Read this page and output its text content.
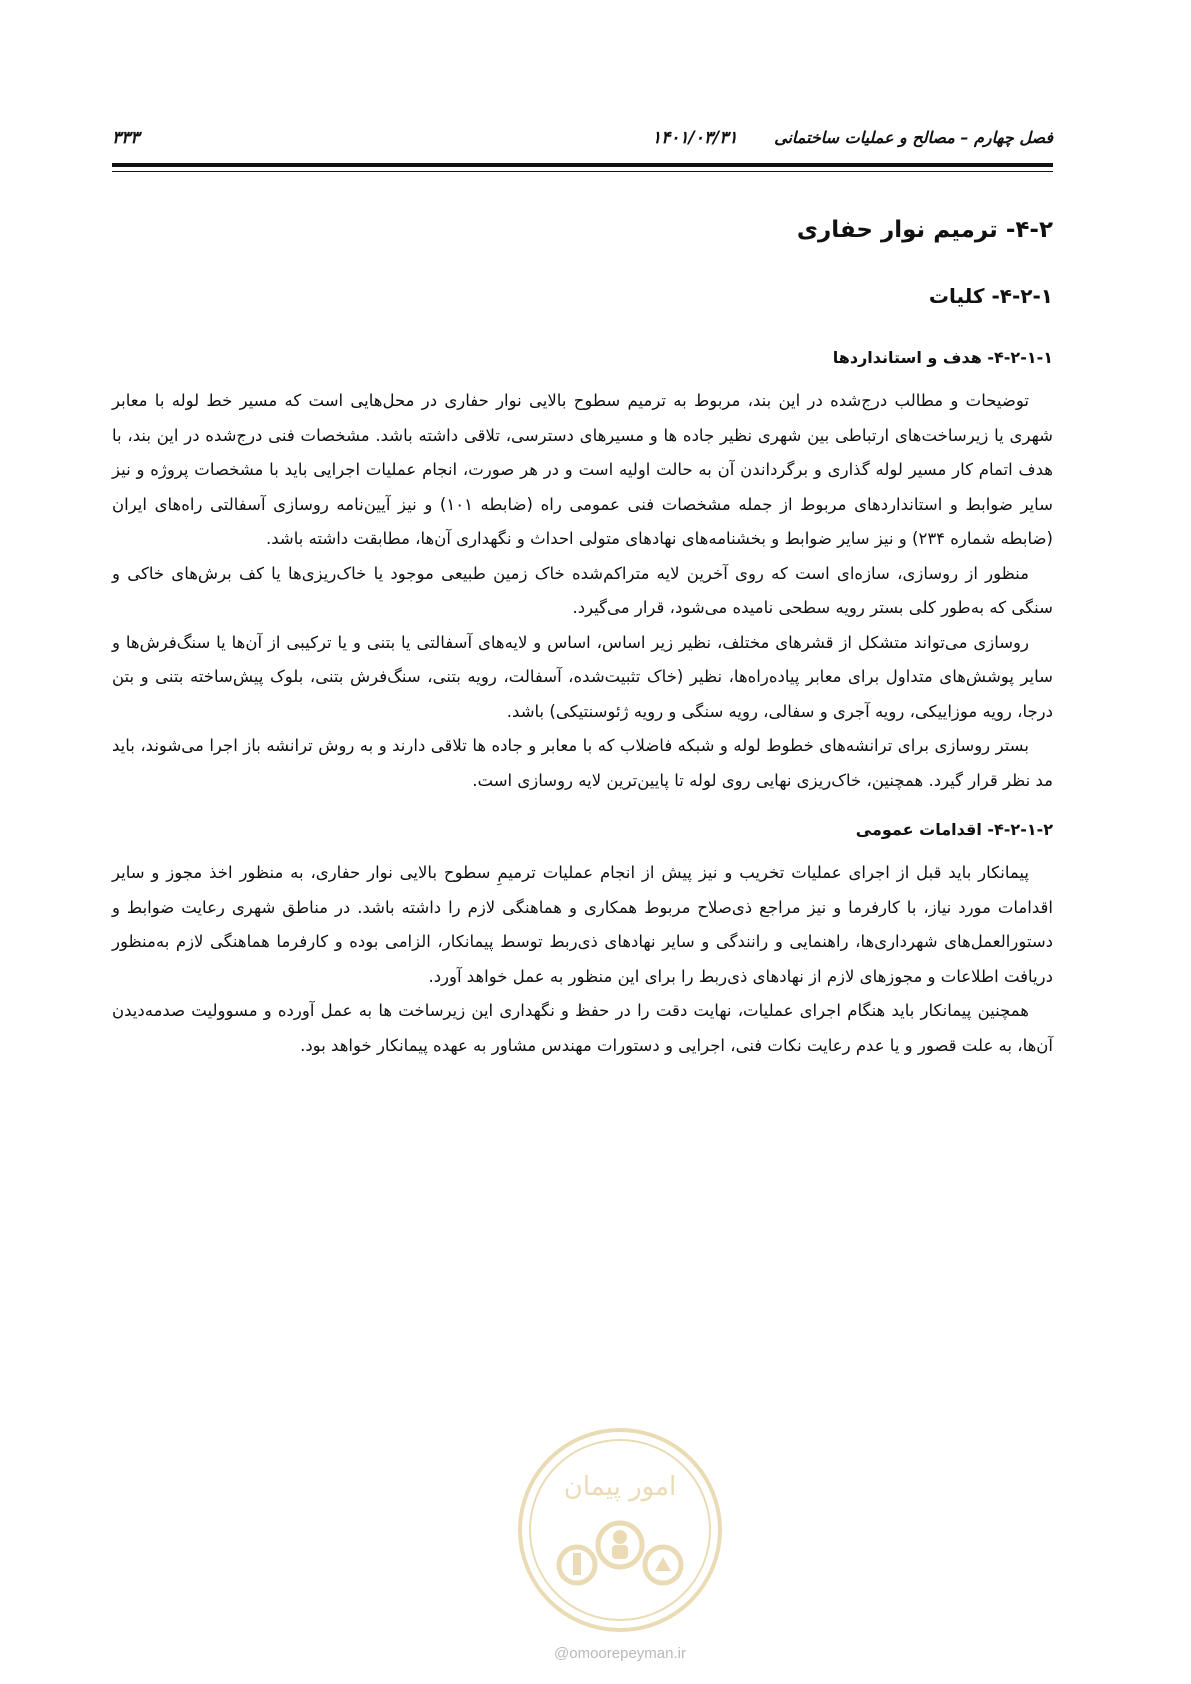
۳۳۳	۱۴۰۱/۰۳/۳۱ فصل چهارم – مصالح و عملیات ساختمانی
۴-۲- ترمیم نوار حفاری
۴-۲-۱- کلیات
۴-۲-۱-۱- هدف و استانداردها

توضیحات و مطالب درج‌شده در این بند، مربوط به ترمیم سطوح بالایی نوار حفاری در محل‌هایی است که مسیر خط لوله با معابر شهری یا زیرساخت‌های ارتباطی بین شهری نظیر جاده ها و مسیرهای دسترسی، تلاقی داشته باشد. مشخصات فنی درج‌شده در این بند، با هدف اتمام کار مسیر لوله گذاری و برگرداندن آن به حالت اولیه است و در هر صورت، انجام عملیات اجرایی باید با مشخصات پروژه و نیز سایر ضوابط و استانداردهای مربوط از جمله مشخصات فنی عمومی راه (ضابطه ۱۰۱) و نیز آیین‌نامه روسازی آسفالتی راه‌های ایران (ضابطه شماره ۲۳۴) و نیز سایر ضوابط و بخشنامه‌های نهادهای متولی احداث و نگهداری آن‌ها، مطابقت داشته باشد.

منظور از روسازی، سازه‌ای است که روی آخرین لایه متراکم‌شده خاک زمین طبیعی موجود یا خاک‌ریزی‌ها یا کف برش‌های خاکی و سنگی که به‌طور کلی بستر رویه سطحی نامیده می‌شود، قرار می‌گیرد.

روسازی می‌تواند متشکل از قشرهای مختلف، نظیر زیر اساس، اساس و لایه‌های آسفالتی یا بتنی و یا ترکیبی از آن‌ها یا سنگ‌فرش‌ها و سایر پوشش‌های متداول برای معابر پیاده‌راه‌ها، نظیر (خاک تثبیت‌شده، آسفالت، رویه بتنی، سنگ‌فرش بتنی، بلوک پیش‌ساخته بتنی و بتن درجا، رویه موزاییکی، رویه آجری و سفالی، رویه سنگی و رویه ژئوسنتیکی) باشد.

بستر روسازی برای ترانشه‌های خطوط لوله و شبکه فاضلاب که با معابر و جاده ها تلاقی دارند و به روش ترانشه باز اجرا می‌شوند، باید مد نظر قرار گیرد. همچنین، خاک‌ریزی نهایی روی لوله تا پایین‌ترین لایه روسازی است.

۴-۲-۱-۲- اقدامات عمومی

پیمانکار باید قبل از اجرای عملیات تخریب و نیز پیش از انجام عملیات ترمیمِ سطوح بالایی نوار حفاری، به منظور اخذ مجوز و سایر اقدامات مورد نیاز، با کارفرما و نیز مراجع ذی‌صلاح مربوط همکاری و هماهنگی لازم را داشته باشد. در مناطق شهری رعایت ضوابط و دستورالعمل‌های شهرداری‌ها، راهنمایی و رانندگی و سایر نهادهای ذی‌ربط توسط پیمانکار، الزامی بوده و کارفرما هماهنگی لازم به‌منظور دریافت اطلاعات و مجوزهای لازم از نهادهای ذی‌ربط را برای این منظور به عمل خواهد آورد.

همچنین پیمانکار باید هنگام اجرای عملیات، نهایت دقت را در حفظ و نگهداری این زیرساخت ها به عمل آورده و مسوولیت صدمه‌دیدن آن‌ها، به علت قصور و یا عدم رعایت نکات فنی، اجرایی و دستورات مهندس مشاور به عهده پیمانکار خواهد بود.

امور پیمان
@omoorepeyman.ir
